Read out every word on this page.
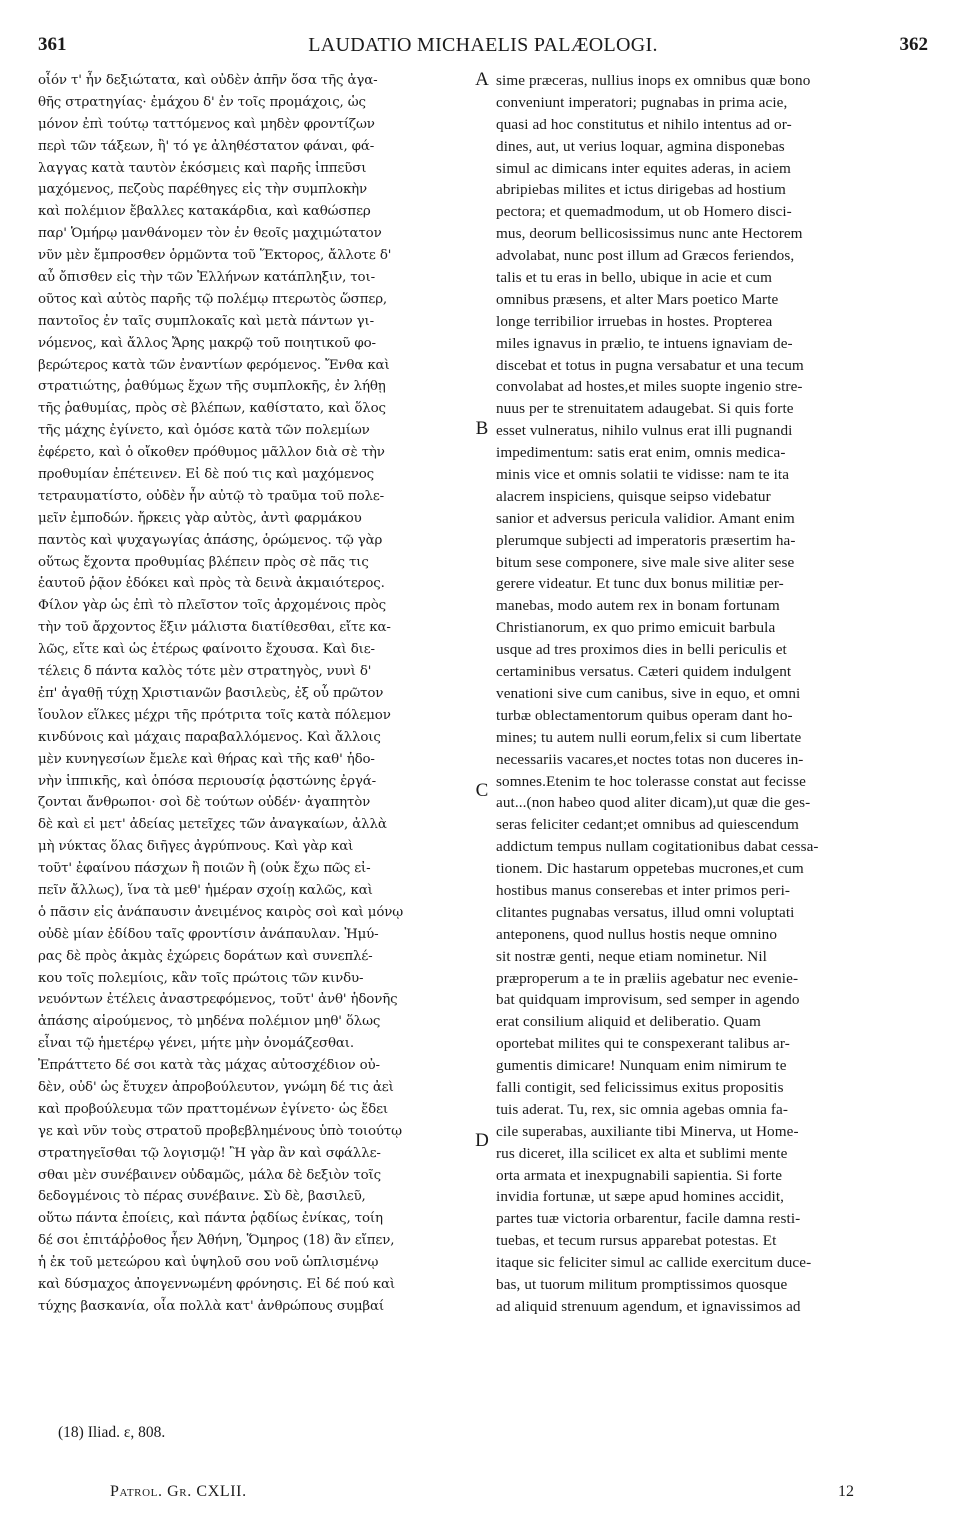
361	LAUDATIO MICHAELIS PALÆOLOGI.	362
οἷόν τ' ἦν δεξιώτατα, καὶ οὐδὲν ἀπῆν ὅσα τῆς ἀγα-
θῆς στρατηγίας· ἐμάχου δ' ἐν τοῖς προμάχοις, ὡς
μόνον ἐπὶ τούτῳ ταττόμενος καὶ μηδὲν φροντίζων
περὶ τῶν τάξεων, ἢ' τό γε ἀληθέστατον φάναι, φά-
λαγγας κατὰ ταυτὸν ἐκόσμεις καὶ παρῆς ἱππεῦσι
μαχόμενος, πεζοὺς παρέθηγες εἰς τὴν συμπλοκὴν
καὶ πολέμιον ἔβαλλες κατακάρδια, καὶ καθώσπερ
παρ' Ὁμήρῳ μανθάνομεν τὸν ἐν θεοῖς μαχιμώτατον
νῦν μὲν ἔμπροσθεν ὁρμῶντα τοῦ Ἕκτορος, ἄλλοτε δ'
αὖ ὄπισθεν εἰς τὴν τῶν Ἑλλήνων κατάπληξιν, τοι-
οῦτος καὶ αὐτὸς παρῆς τῷ πολέμῳ πτερωτὸς ὥσπερ,
παντοῖος ἐν ταῖς συμπλοκαῖς καὶ μετὰ πάντων γι-
νόμενος, καὶ ἄλλος Ἄρης μακρῷ τοῦ ποιητικοῦ φο-
βερώτερος κατὰ τῶν ἐναντίων φερόμενος. Ἔνθα καὶ
στρατιώτης, ῥαθύμως ἔχων τῆς συμπλοκῆς, ἐν λήθῃ
τῆς ῥαθυμίας, πρὸς σὲ βλέπων, καθίστατο, καὶ ὅλος
τῆς μάχης ἐγίνετο, καὶ ὁμόσε κατὰ τῶν πολεμίων
ἐφέρετο, καὶ ὁ οἴκοθεν πρόθυμος μᾶλλον διὰ σὲ τὴν
προθυμίαν ἐπέτεινεν. Εἰ δὲ πού τις καὶ μαχόμενος
τετραυματίστο, οὐδὲν ἦν αὐτῷ τὸ τραῦμα τοῦ πολε-
μεῖν ἐμποδών. ἤρκεις γὰρ αὐτὸς, ἀντὶ φαρμάκου
παντὸς καὶ ψυχαγωγίας ἁπάσης, ὁρώμενος. τῷ γὰρ
οὕτως ἔχοντα προθυμίας βλέπειν πρὸς σὲ πᾶς τις
ἑαυτοῦ ῥᾷον ἐδόκει καὶ πρὸς τὰ δεινὰ ἀκμαιότερος.
Φίλον γὰρ ὡς ἐπὶ τὸ πλεῖστον τοῖς ἀρχομένοις πρὸς
τὴν τοῦ ἄρχοντος ἕξιν μάλιστα διατίθεσθαι, εἴτε κα-
λῶς, εἴτε καὶ ὡς ἑτέρως φαίνοιτο ἔχουσα. Καὶ διε-
τέλεις δ πάντα καλὸς τότε μὲν στρατηγὸς, νυνὶ δ'
ἐπ' ἀγαθῇ τύχῃ Χριστιανῶν βασιλεὺς, ἐξ οὗ πρῶτον
ἴουλον εἵλκες μέχρι τῆς πρότριτα τοῖς κατὰ πόλεμον
κινδύνοις καὶ μάχαις παραβαλλόμενος. Καὶ ἄλλοις
μὲν κυνηγεσίων ἔμελε καὶ θήρας καὶ τῆς καθ' ἡδο-
νὴν ἱππικῆς, καὶ ὁπόσα περιουσίᾳ ῥᾳστώνης ἐργά-
ζονται ἄνθρωποι· σοὶ δὲ τούτων οὐδέν· ἀγαπητὸν
δὲ καὶ εἰ μετ' ἀδείας μετεῖχες τῶν ἀναγκαίων, ἀλλὰ
μὴ νύκτας ὅλας διῆγες ἀγρύπνους. Καὶ γὰρ καὶ
τοῦτ' ἐφαίνου πάσχων ἢ ποιῶν ἢ (οὐκ ἔχω πῶς εἰ-
πεῖν ἄλλως), ἵνα τὰ μεθ' ἡμέραν σχοίῃ καλῶς, καὶ
ὁ πᾶσιν εἰς ἀνάπαυσιν ἀνειμένος καιρὸς σοὶ καὶ μόνῳ
οὐδὲ μίαν ἐδίδου ταῖς φροντίσιν ἀνάπαυλαν. Ἠμύ-
ρας δὲ πρὸς ἀκμὰς ἐχώρεις δοράτων καὶ συνεπλέ-
κου τοῖς πολεμίοις, κἂν τοῖς πρώτοις τῶν κινδυ-
νευόντων ἐτέλεις ἀναστρεφόμενος, τοῦτ' ἀνθ' ἡδονῆς
ἁπάσης αἱρούμενος, τὸ μηδένα πολέμιον μηθ' ὅλως
εἶναι τῷ ἡμετέρῳ γένει, μήτε μὴν ὀνομάζεσθαι.
Ἐπράττετο δέ σοι κατὰ τὰς μάχας αὐτοσχέδιον οὐ-
δὲν, οὐδ' ὡς ἔτυχεν ἀπροβούλευτον, γνώμη δέ τις ἀεὶ
καὶ προβούλευμα τῶν πραττομένων ἐγίνετο· ὡς ἔδει
γε καὶ νῦν τοὺς στρατοῦ προβεβλημένους ὑπὸ τοιούτῳ
στρατηγεῖσθαι τῷ λογισμῷ! Ἢ γὰρ ἂν καὶ σφάλλε-
σθαι μὲν συνέβαινεν οὐδαμῶς, μάλα δὲ δεξιὸν τοῖς
δεδογμένοις τὸ πέρας συνέβαινε. Σὺ δὲ, βασιλεῦ,
οὕτω πάντα ἐποίεις, καὶ πάντα ῥᾳδίως ἐνίκας, τοίη
δέ σοι ἐπιτάῤῥοθος ἦεν Ἀθήνη, Ὅμηρος (18) ἂν εἴπεν,
ἡ ἐκ τοῦ μετεώρου καὶ ὑψηλοῦ σου νοῦ ὡπλισμένῳ
καὶ δύσμαχος ἀπογεννωμένη φρόνησις. Εἰ δέ πού καὶ
τύχης βασκανία, οἷα πολλὰ κατ' ἀνθρώπους συμβαί
sime præceras, nullius inops ex omnibus quæ bono
conveniunt imperatori; pugnabas in prima acie,
quasi ad hoc constitutus et nihilo intentus ad or-
dines, aut, ut verius loquar, agmina disponebas
simul ac dimicans inter equites aderas, in aciem
abripiebas milites et ictus dirigebas ad hostium
pectora; et quemadmodum, ut ob Homero disci-
mus, deorum bellicosissimus nunc ante Hectorem
advolabat, nunc post illum ad Græcos feriendos,
talis et tu eras in bello, ubique in acie et cum
omnibus præsens, et alter Mars poetico Marte
longe terribilior irruebas in hostes. Propterea
miles ignavus in prælio, te intuens ignaviam de-
discebat et totus in pugna versabatur et una tecum
convolabat ad hostes,et miles suopte ingenio stre-
nuus per te strenuitatem adaugebat. Si quis forte
esset vulneratus, nihilo vulnus erat illi pugnandi
impedimentum: satis erat enim, omnis medica-
minis vice et omnis solatii te vidisse: nam te ita
alacrem inspiciens, quisque seipso videbatur
sanior et adversus pericula validior. Amant enim
plerumque subjecti ad imperatoris præsertim ha-
bitum sese componere, sive male sive aliter sese
gerere videatur. Et tunc dux bonus militiæ per-
manebas, modo autem rex in bonam fortunam
Christianorum, ex quo primo emicuit barbula
usque ad tres proximos dies in belli periculis et
certaminibus versatus. Cæteri quidem indulgent
venationi sive cum canibus, sive in equo, et omni
turbæ oblectamentorum quibus operam dant ho-
mines; tu autem nulli eorum,felix si cum libertate
necessariis vacares,et noctes totas non duceres in-
somnes.Etenim te hoc tolerasse constat aut fecisse
aut...(non habeo quod aliter dicam),ut quæ die ges-
seras feliciter cedant;et omnibus ad quiescendum
addictum tempus nullam cogitationibus dabat cessa-
tionem. Dic hastarum oppetebas mucrones,et cum
hostibus manus conserebas et inter primos peri-
clitantes pugnabas versatus, illud omni voluptati
anteponens, quod nullus hostis neque omnino
sit nostræ genti, neque etiam nominetur. Nil
præproperum a te in præliis agebatur nec evenie-
bat quidquam improvisum, sed semper in agendo
erat consilium aliquid et deliberatio. Quam
oportebat milites qui te conspexerant talibus ar-
gumentis dimicare! Nunquam enim nimirum te
falli contigit, sed felicissimus exitus propositis
tuis aderat. Tu, rex, sic omnia agebas omnia fa-
cile superabas, auxiliante tibi Minerva, ut Home-
rus diceret, illa scilicet ex alta et sublimi mente
orta armata et inexpugnabili sapientia. Si forte
invidia fortunæ, ut sæpe apud homines accidit,
partes tuæ victoria orbarentur, facile damna resti-
tuebas, et tecum rursus apparebat potestas. Et
itaque sic feliciter simul ac callide exercitum duce-
bas, ut tuorum militum promptissimos quosque
ad aliquid strenuum agendum, et ignavissimos ad
A
B
C
D
(18) Iliad. ε, 808.
Patrol. Gr. CXLII.	12
